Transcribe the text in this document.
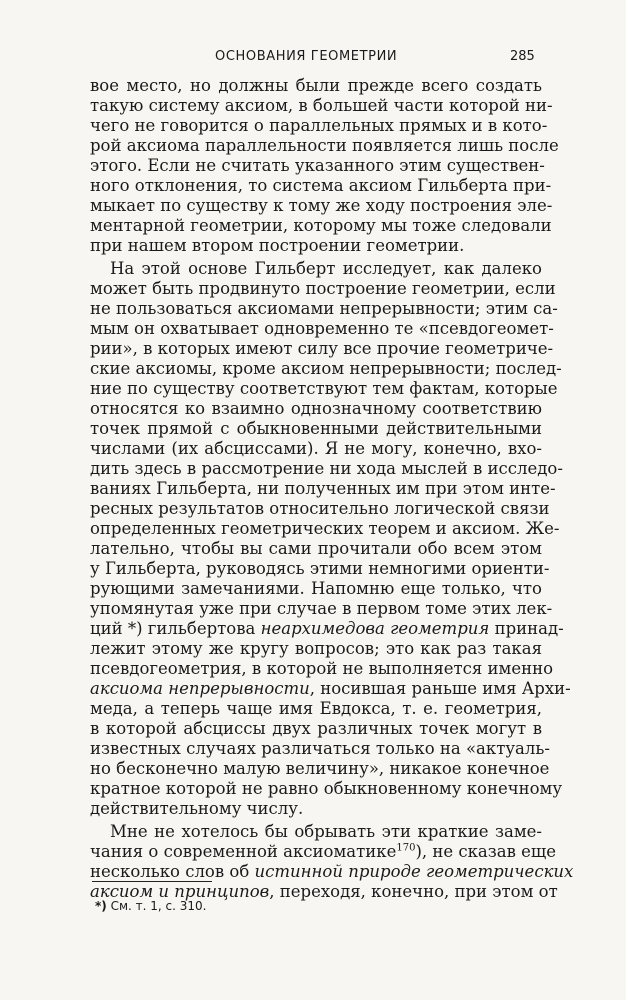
ОСНОВАНИЯ ГЕОМЕТРИИ	285
вое место, но должны были прежде всего создать
такую систему аксиом, в большей части которой ни-
чего не говорится о параллельных прямых и в кото-
рой аксиома параллельности появляется лишь после
этого. Если не считать указанного этим существен-
ного отклонения, то система аксиом Гильберта при-
мыкает по существу к тому же ходу построения эле-
ментарной геометрии, которому мы тоже следовали
при нашем втором построении геометрии.
На этой основе Гильберт исследует, как далеко
может быть продвинуто построение геометрии, если
не пользоваться аксиомами непрерывности; этим са-
мым он охватывает одновременно те «псевдогеомет-
рии», в которых имеют силу все прочие геометриче-
ские аксиомы, кроме аксиом непрерывности; послед-
ние по существу соответствуют тем фактам, которые
относятся ко взаимно однозначному соответствию
точек прямой с обыкновенными действительными
числами (их абсциссами). Я не могу, конечно, вхо-
дить здесь в рассмотрение ни хода мыслей в исследо-
ваниях Гильберта, ни полученных им при этом инте-
ресных результатов относительно логической связи
определенных геометрических теорем и аксиом. Же-
лательно, чтобы вы сами прочитали обо всем этом
у Гильберта, руководясь этими немногими ориенти-
рующими замечаниями. Напомню еще только, что
упомянутая уже при случае в первом томе этих лек-
ций *) гильбертова неархимедова геометрия принад-
лежит этому же кругу вопросов; это как раз такая
псевдогеометрия, в которой не выполняется именно
аксиома непрерывности, носившая раньше имя Архи-
меда, а теперь чаще имя Евдокса, т. е. геометрия,
в которой абсциссы двух различных точек могут в
известных случаях различаться только на «актуаль-
но бесконечно малую величину», никакое конечное
кратное которой не равно обыкновенному конечному
действительному числу.
Мне не хотелось бы обрывать эти краткие заме-
чания о современной аксиоматике$^{170}$), не сказав еще
несколько слов об истинной природе геометрических
аксиом и принципов, переходя, конечно, при этом от
*) См. т. 1, с. 310.
